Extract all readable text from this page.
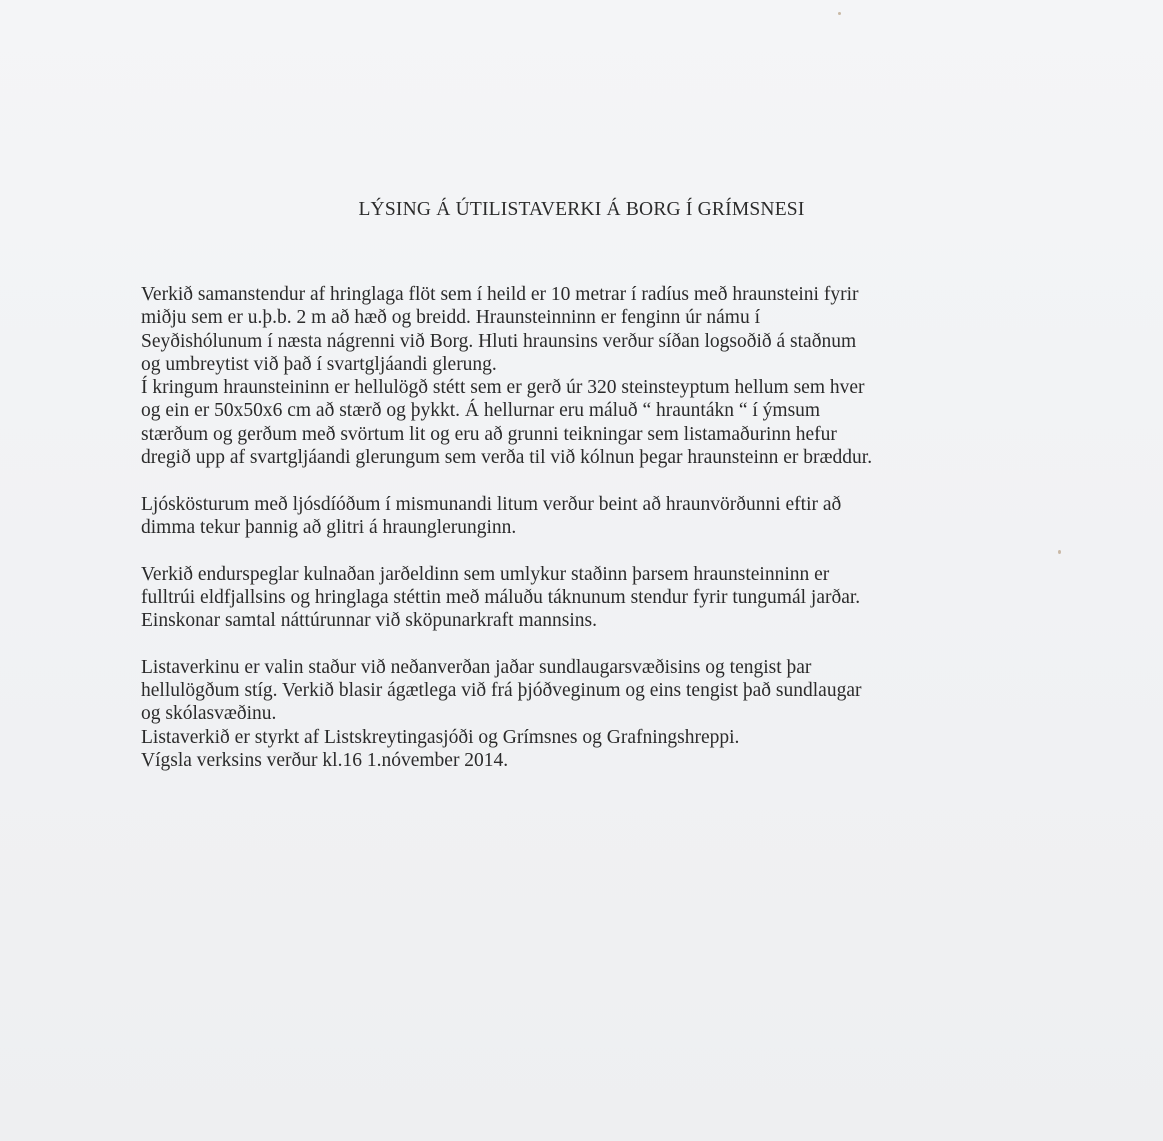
LÝSING Á ÚTILISTAVERKI Á BORG Í GRÍMSNESI
Verkið samanstendur af hringlaga flöt sem í heild er 10 metrar í radíus með hraunsteini fyrir
miðju sem er u.þ.b. 2 m að hæð og breidd. Hraunsteinninn er fenginn úr námu í
Seyðishólunum í næsta nágrenni við Borg. Hluti hraunsins verður síðan logsoðið á staðnum
og umbreytist við það í svartgljáandi glerung.
Í kringum hraunsteininn er hellulögð stétt sem er gerð úr 320 steinsteyptum hellum sem hver
og ein er 50x50x6 cm að stærð og þykkt. Á hellurnar eru máluð “ hrauntákn “ í ýmsum
stærðum og gerðum með svörtum lit og eru að grunni teikningar sem listamaðurinn hefur
dregið upp af svartgljáandi glerungum sem verða til við kólnun þegar hraunsteinn er bræddur.
Ljóskösturum með ljósdíóðum í mismunandi litum verður beint að hraunvörðunni eftir að
dimma tekur þannig að glitri á hraunglerunginn.
Verkið endurspeglar kulnaðan jarðeldinn sem umlykur staðinn þarsem hraunsteinninn er
fulltrúi eldfjallsins og hringlaga stéttin með máluðu táknunum stendur fyrir tungumál jarðar.
Einskonar samtal náttúrunnar við sköpunarkraft mannsins.
Listaverkinu er valin staður við neðanverðan jaðar sundlaugarsvæðisins og tengist þar
hellulögðum stíg. Verkið blasir ágætlega við frá þjóðveginum og eins tengist það sundlaugar
og skólasvæðinu.
Listaverkið er styrkt af Listskreytingasjóði og Grímsnes og Grafningshreppi.
Vígsla verksins verður kl.16 1.nóvember 2014.
